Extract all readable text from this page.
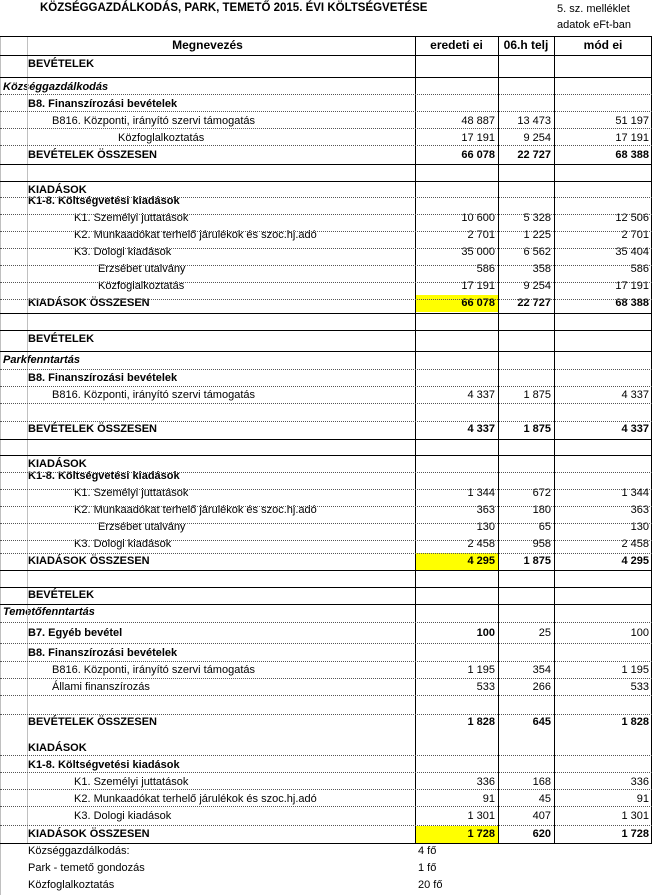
KÖZSÉGGAZDÁLKODÁS, PARK, TEMETŐ 2015. ÉVI KÖLTSÉGVETÉSE	5. sz. melléklet
adatok eFt-ban
Megnevezés	eredeti ei	06.h telj	mód ei
BEVÉTELEK
Községgazdálkodás
B8. Finanszírozási bevételek
B816. Központi, irányító szervi támogatás	48 887	13 473	51 197
Közfoglalkoztatás	17 191	9 254	17 191
BEVÉTELEK ÖSSZESEN	66 078	22 727	68 388
KIADÁSOK
K1-8. Költségvetési kiadások
K1. Személyi juttatások	10 600	5 328	12 506
K2. Munkaadókat terhelő járulékok és szoc.hj.adó	2 701	1 225	2 701
K3. Dologi kiadások	35 000	6 562	35 404
Erzsébet utalvány	586	358	586
Közfoglalkoztatás	17 191	9 254	17 191
KIADÁSOK ÖSSZESEN	66 078	22 727	68 388
BEVÉTELEK
Parkfenntartás
B8. Finanszírozási bevételek
B816. Központi, irányító szervi támogatás	4 337	1 875	4 337
BEVÉTELEK ÖSSZESEN	4 337	1 875	4 337
KIADÁSOK
K1-8. Költségvetési kiadások
K1. Személyi juttatások	1 344	672	1 344
K2. Munkaadókat terhelő járulékok és szoc.hj.adó	363	180	363
Erzsébet utalvány	130	65	130
K3. Dologi kiadások	2 458	958	2 458
KIADÁSOK ÖSSZESEN	4 295	1 875	4 295
BEVÉTELEK
Temetőfenntartás
B7. Egyéb bevétel	100	25	100
B8. Finanszírozási bevételek
B816. Központi, irányító szervi támogatás	1 195	354	1 195
Állami finanszírozás	533	266	533
BEVÉTELEK ÖSSZESEN	1 828	645	1 828
KIADÁSOK
K1-8. Költségvetési kiadások
K1. Személyi juttatások	336	168	336
K2. Munkaadókat terhelő járulékok és szoc.hj.adó	91	45	91
K3. Dologi kiadások	1 301	407	1 301
KIADÁSOK ÖSSZESEN	1 728	620	1 728
Községgazdálkodás:	4 fő
Park - temető gondozás	1 fő
Közfoglalkoztatás	20 fő
